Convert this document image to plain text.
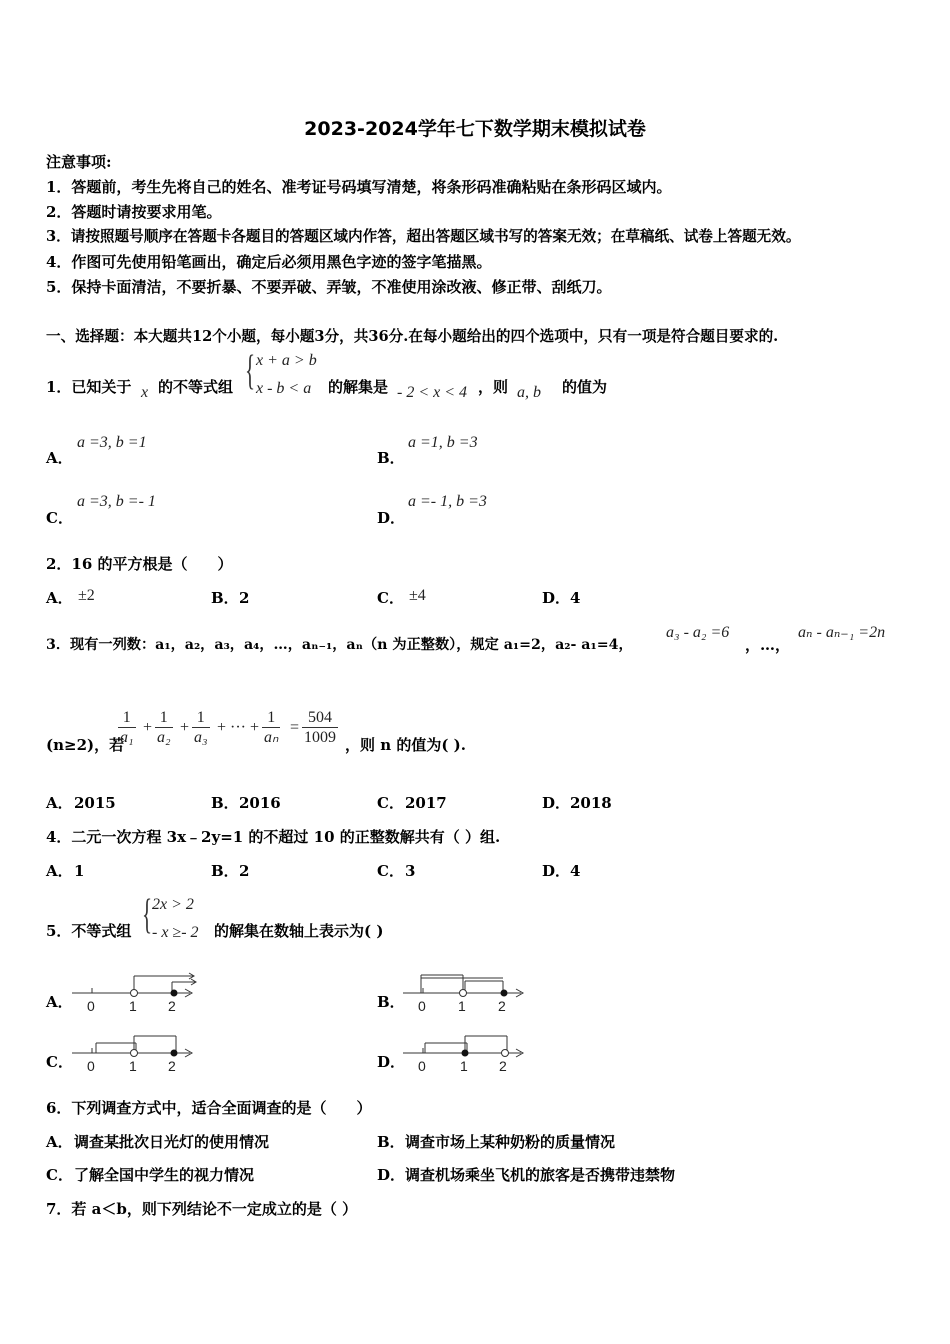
2023-2024学年七下数学期末模拟试卷
注意事项:
1．答题前，考生先将自己的姓名、准考证号码填写清楚，将条形码准确粘贴在条形码区域内。
2．答题时请按要求用笔。
3．请按照题号顺序在答题卡各题目的答题区域内作答，超出答题区域书写的答案无效；在草稿纸、试卷上答题无效。
4．作图可先使用铅笔画出，确定后必须用黑色字迹的签字笔描黑。
5．保持卡面清洁，不要折暴、不要弄破、弄皱，不准使用涂改液、修正带、刮纸刀。
一、选择题：本大题共12个小题，每小题3分，共36分.在每小题给出的四个选项中，只有一项是符合题目要求的.
1．已知关于 x 的不等式组 { x + a > b
x - b < a 的解集是 - 2 < x < 4 ，则 a, b 的值为
A．
a =3, b =1
B．
a =1, b =3
C．
a =3, b =- 1
D．
a =- 1, b =3
2．16 的平方根是（　　）
A． ±2	B． 2	C． ±4	D． 4
3．现有一列数：a₁，a₂，a₃，a₄，…，aₙ₋₁，aₙ（n 为正整数），规定 a₁=2，a₂- a₁=4，
a₃ - a₂ =6
，…，
aₙ - aₙ₋₁ =2n
(n≥2)，若
1
a₁
+
1
a₂
+
1
a₃
+ ··· +
1
aₙ
=
504
1009 ，则 n 的值为( ).
A． 2015	B． 2016	C． 2017	D． 2018
4．二元一次方程 3x﹣2y=1 的不超过 10 的正整数解共有（ ）组.
A． 1	B． 2	C． 3	D． 4
5．不等式组 { 2x > 2
- x ≥- 2 的解集在数轴上表示为( )
A． 0 1 2	B． 0 1 2
C． 0 1 2	D． 0 1 2
6．下列调查方式中，适合全面调查的是（　　）
A． 调查某批次日光灯的使用情况	B． 调查市场上某种奶粉的质量情况
C． 了解全国中学生的视力情况	D． 调查机场乘坐飞机的旅客是否携带违禁物
7．若 a＜b，则下列结论不一定成立的是（ ）
